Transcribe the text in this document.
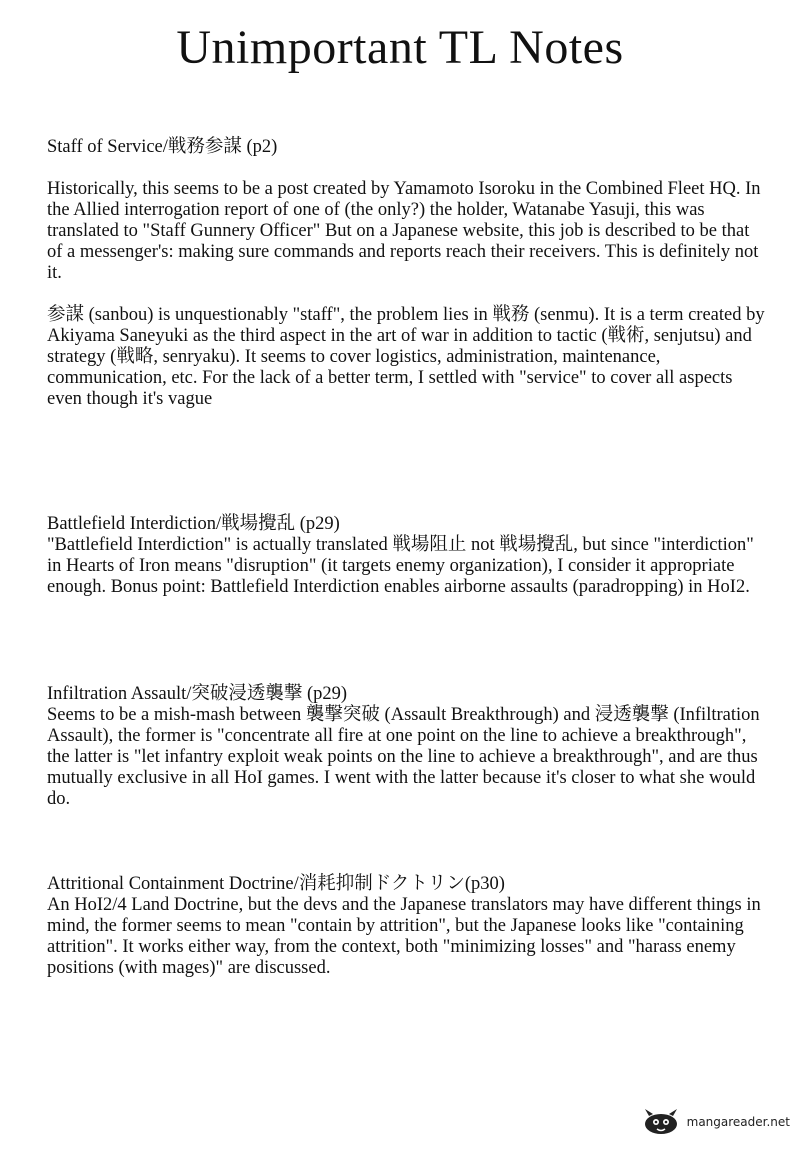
Unimportant TL Notes

Staff of Service/戦務参謀 (p2)

Historically, this seems to be a post created by Yamamoto Isoroku in the Combined Fleet HQ. In the Allied interrogation report of one of (the only?) the holder, Watanabe Yasuji, this was translated to "Staff Gunnery Officer" But on a Japanese website, this job is described to be that of a messenger's: making sure commands and reports reach their receivers. This is definitely not it.

参謀 (sanbou) is unquestionably "staff", the problem lies in 戦務 (senmu). It is a term created by Akiyama Saneyuki as the third aspect in the art of war in addition to tactic (戦術, senjutsu) and strategy (戦略, senryaku). It seems to cover logistics, administration, maintenance, communication, etc. For the lack of a better term, I settled with "service" to cover all aspects even though it's vague

Battlefield Interdiction/戦場攪乱 (p29)

"Battlefield Interdiction" is actually translated 戦場阻止 not 戦場攪乱, but since "interdiction" in Hearts of Iron means "disruption" (it targets enemy organization), I consider it appropriate enough. Bonus point: Battlefield Interdiction enables airborne assaults (paradropping) in HoI2.

Infiltration Assault/突破浸透襲撃 (p29)

Seems to be a mish-mash between 襲撃突破 (Assault Breakthrough) and 浸透襲撃 (Infiltration Assault), the former is "concentrate all fire at one point on the line to achieve a breakthrough", the latter is "let infantry exploit weak points on the line to achieve a breakthrough", and are thus mutually exclusive in all HoI games. I went with the latter because it's closer to what she would do.

Attritional Containment Doctrine/消耗抑制ドクトリン(p30)

An HoI2/4 Land Doctrine, but the devs and the Japanese translators may have different things in mind, the former seems to mean "contain by attrition", but the Japanese looks like "containing attrition". It works either way, from the context, both "minimizing losses" and "harass enemy positions (with mages)" are discussed.

mangareader.net
